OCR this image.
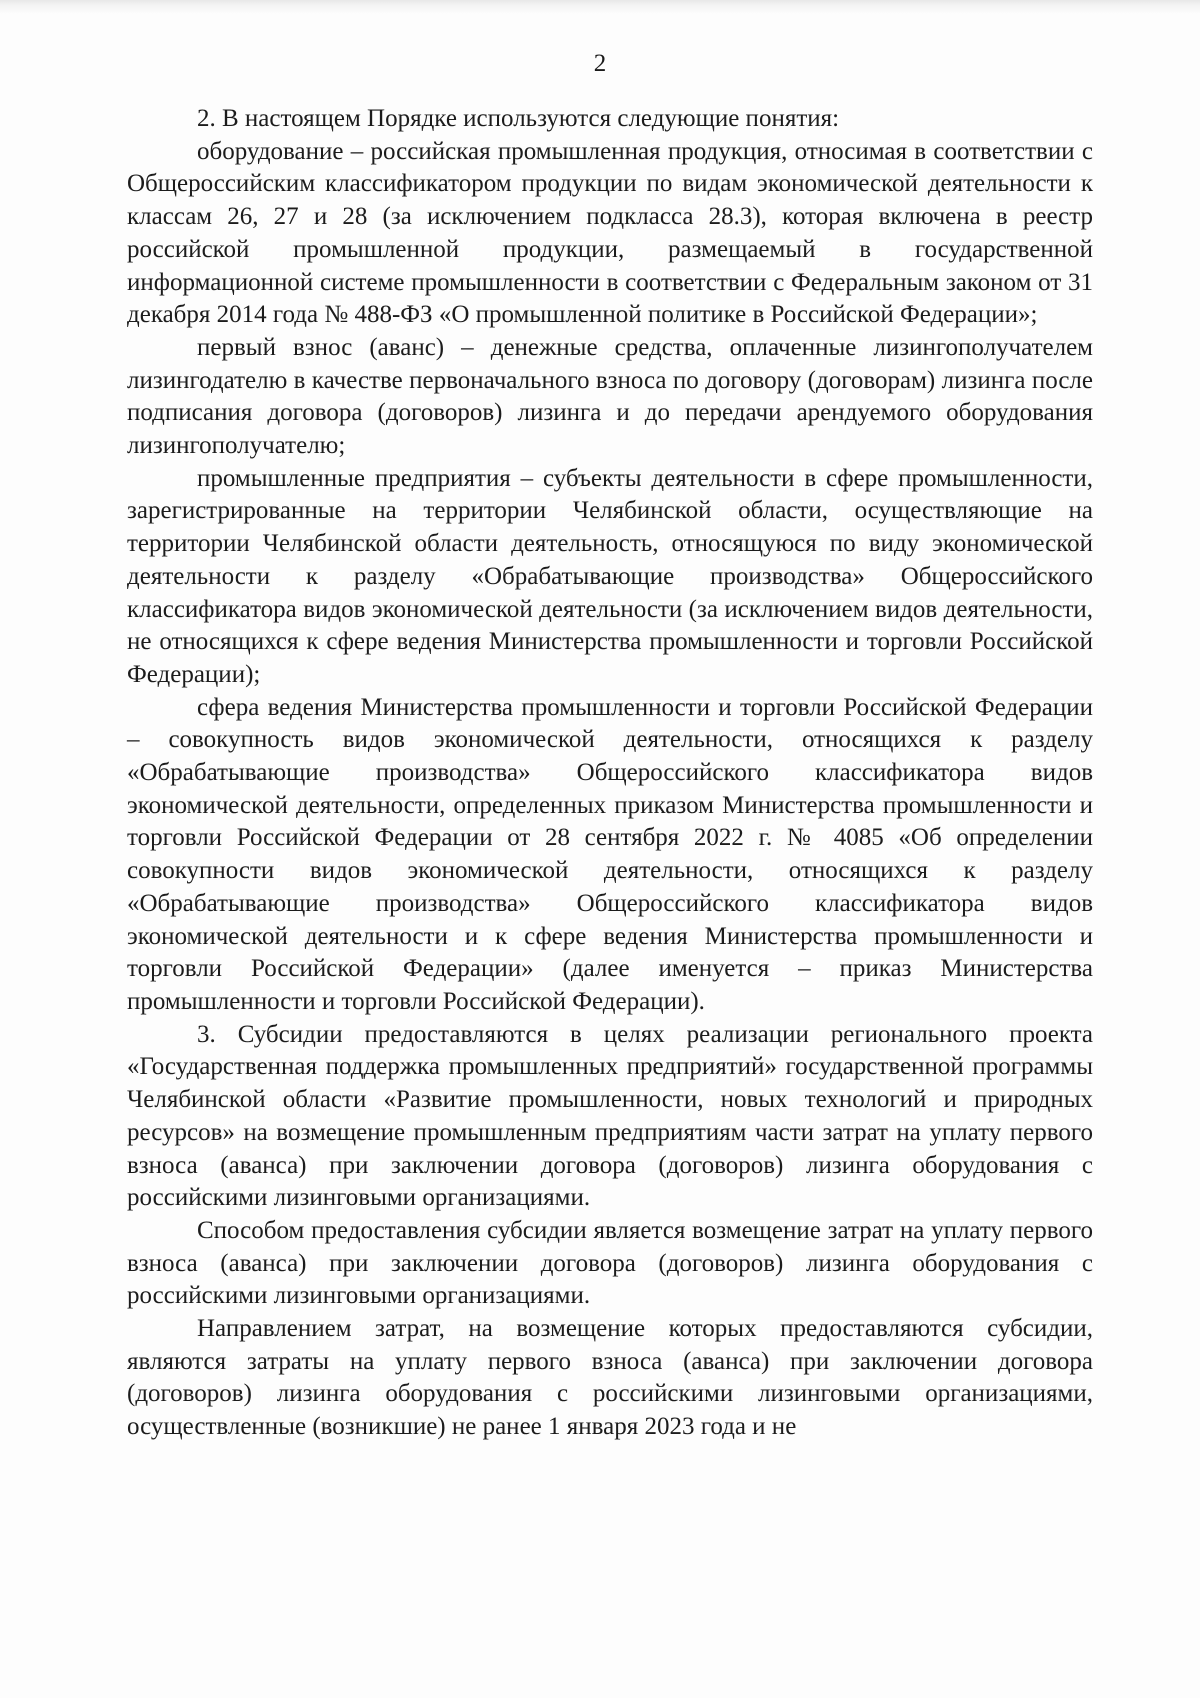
2

2. В настоящем Порядке используются следующие понятия:

оборудование – российская промышленная продукция, относимая в соответствии с Общероссийским классификатором продукции по видам экономической деятельности к классам 26, 27 и 28 (за исключением подкласса 28.3), которая включена в реестр российской промышленной продукции, размещаемый в государственной информационной системе промышленности в соответствии с Федеральным законом от 31 декабря 2014 года № 488-ФЗ «О промышленной политике в Российской Федерации»;

первый взнос (аванс) – денежные средства, оплаченные лизингополучателем лизингодателю в качестве первоначального взноса по договору (договорам) лизинга после подписания договора (договоров) лизинга и до передачи арендуемого оборудования лизингополучателю;

промышленные предприятия – субъекты деятельности в сфере промышленности, зарегистрированные на территории Челябинской области, осуществляющие на территории Челябинской области деятельность, относящуюся по виду экономической деятельности к разделу «Обрабатывающие производства» Общероссийского классификатора видов экономической деятельности (за исключением видов деятельности, не относящихся к сфере ведения Министерства промышленности и торговли Российской Федерации);

сфера ведения Министерства промышленности и торговли Российской Федерации – совокупность видов экономической деятельности, относящихся к разделу «Обрабатывающие производства» Общероссийского классификатора видов экономической деятельности, определенных приказом Министерства промышленности и торговли Российской Федерации от 28 сентября 2022 г. № 4085 «Об определении совокупности видов экономической деятельности, относящихся к разделу «Обрабатывающие производства» Общероссийского классификатора видов экономической деятельности и к сфере ведения Министерства промышленности и торговли Российской Федерации» (далее именуется – приказ Министерства промышленности и торговли Российской Федерации).

3. Субсидии предоставляются в целях реализации регионального проекта «Государственная поддержка промышленных предприятий» государственной программы Челябинской области «Развитие промышленности, новых технологий и природных ресурсов» на возмещение промышленным предприятиям части затрат на уплату первого взноса (аванса) при заключении договора (договоров) лизинга оборудования с российскими лизинговыми организациями.

Способом предоставления субсидии является возмещение затрат на уплату первого взноса (аванса) при заключении договора (договоров) лизинга оборудования с российскими лизинговыми организациями.

Направлением затрат, на возмещение которых предоставляются субсидии, являются затраты на уплату первого взноса (аванса) при заключении договора (договоров) лизинга оборудования с российскими лизинговыми организациями, осуществленные (возникшие) не ранее 1 января 2023 года и не
